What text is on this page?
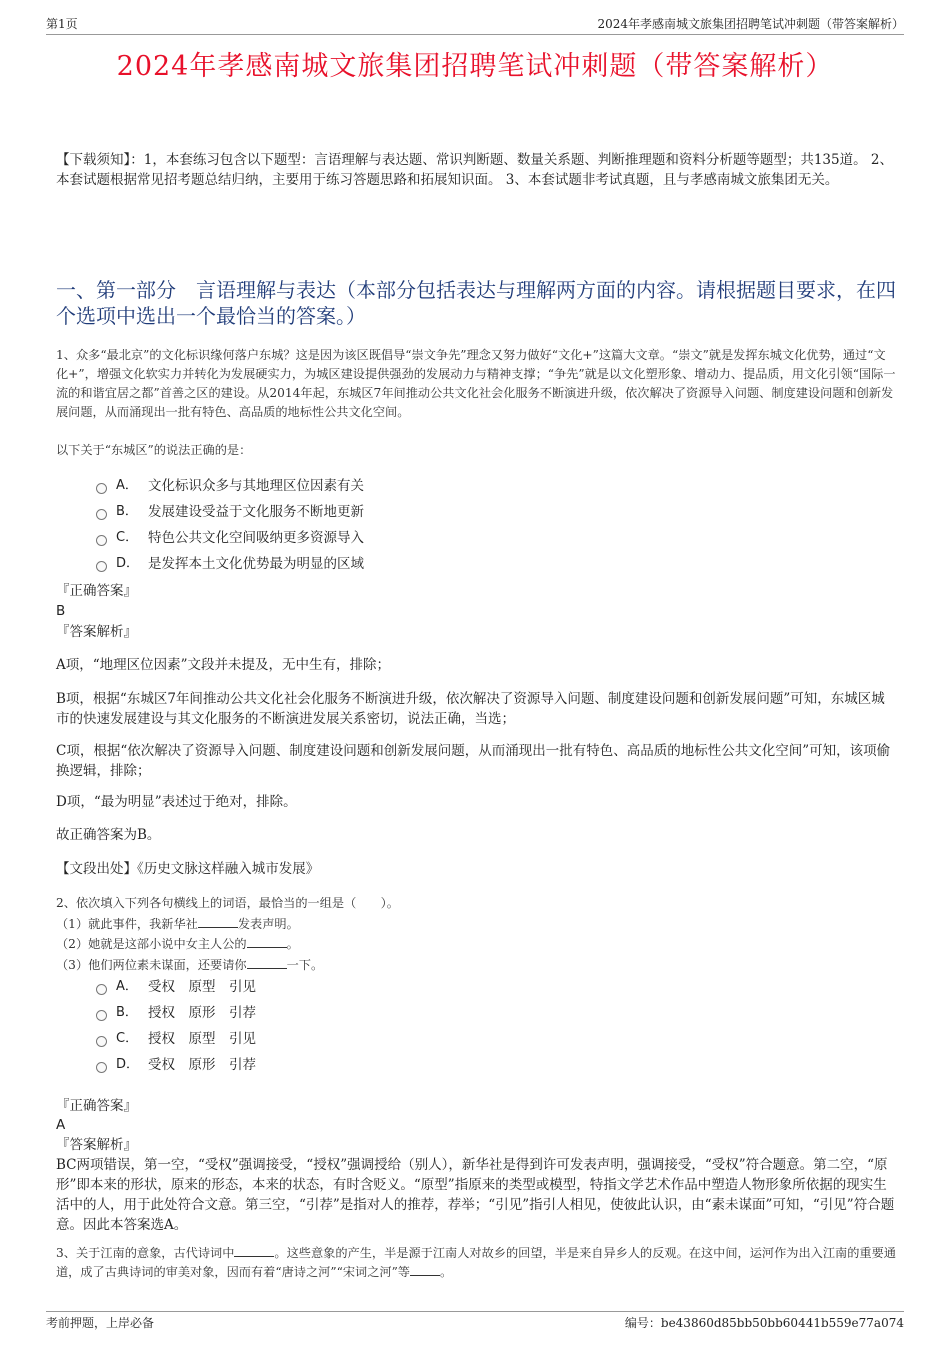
第1页	2024年孝感南城文旅集团招聘笔试冲刺题（带答案解析）
2024年孝感南城文旅集团招聘笔试冲刺题（带答案解析）
【下载须知】：1，本套练习包含以下题型：言语理解与表达题、常识判断题、数量关系题、判断推理题和资料分析题等题型；共135道。 2、本套试题根据常见招考题总结归纳，主要用于练习答题思路和拓展知识面。 3、本套试题非考试真题，且与孝感南城文旅集团无关。
一、第一部分　言语理解与表达（本部分包括表达与理解两方面的内容。请根据题目要求，在四个选项中选出一个最恰当的答案。）
1、众多“最北京”的文化标识缘何落户东城？这是因为该区既倡导“崇文争先”理念又努力做好“文化+”这篇大文章。“崇文”就是发挥东城文化优势，通过“文化+”，增强文化软实力并转化为发展硬实力，为城区建设提供强劲的发展动力与精神支撑；“争先”就是以文化塑形象、增动力、提品质，用文化引领“国际一流的和谐宜居之都”首善之区的建设。从2014年起，东城区7年间推动公共文化社会化服务不断演进升级，依次解决了资源导入问题、制度建设问题和创新发展问题，从而涌现出一批有特色、高品质的地标性公共文化空间。
以下关于“东城区”的说法正确的是：
A． 文化标识众多与其地理区位因素有关
B． 发展建设受益于文化服务不断地更新
C． 特色公共文化空间吸纳更多资源导入
D． 是发挥本土文化优势最为明显的区域
『正确答案』
B
『答案解析』
A项，“地理区位因素”文段并未提及，无中生有，排除；
B项，根据“东城区7年间推动公共文化社会化服务不断演进升级，依次解决了资源导入问题、制度建设问题和创新发展问题”可知，东城区城市的快速发展建设与其文化服务的不断演进发展关系密切，说法正确，当选；
C项，根据“依次解决了资源导入问题、制度建设问题和创新发展问题，从而涌现出一批有特色、高品质的地标性公共文化空间”可知，该项偷换逻辑，排除；
D项，“最为明显”表述过于绝对，排除。
故正确答案为B。
【文段出处】《历史文脉这样融入城市发展》
2、依次填入下列各句横线上的词语，最恰当的一组是（　　）。
（1）就此事件，我新华社	发表声明。
（2）她就是这部小说中女主人公的	。
（3）他们两位素未谋面，还要请你	一下。
A． 受权　原型　引见
B． 授权　原形　引荐
C． 授权　原型　引见
D． 受权　原形　引荐
『正确答案』
A
『答案解析』
BC两项错误，第一空，“受权”强调接受，“授权”强调授给（别人），新华社是得到许可发表声明，强调接受，“受权”符合题意。第二空，“原形”即本来的形状，原来的形态，本来的状态，有时含贬义。“原型”指原来的类型或模型，特指文学艺术作品中塑造人物形象所依据的现实生活中的人，用于此处符合文意。第三空，“引荐”是指对人的推荐，荐举；“引见”指引人相见，使彼此认识，由“素未谋面”可知，“引见”符合题意。因此本答案选A。
3、关于江南的意象，古代诗词中	。这些意象的产生，半是源于江南人对故乡的回望，半是来自异乡人的反观。在这中间，运河作为出入江南的重要通道，成了古典诗词的审美对象，因而有着“唐诗之河”“宋词之河”等 。
考前押题，上岸必备	编号：be43860d85bb50bb60441b559e77a074
